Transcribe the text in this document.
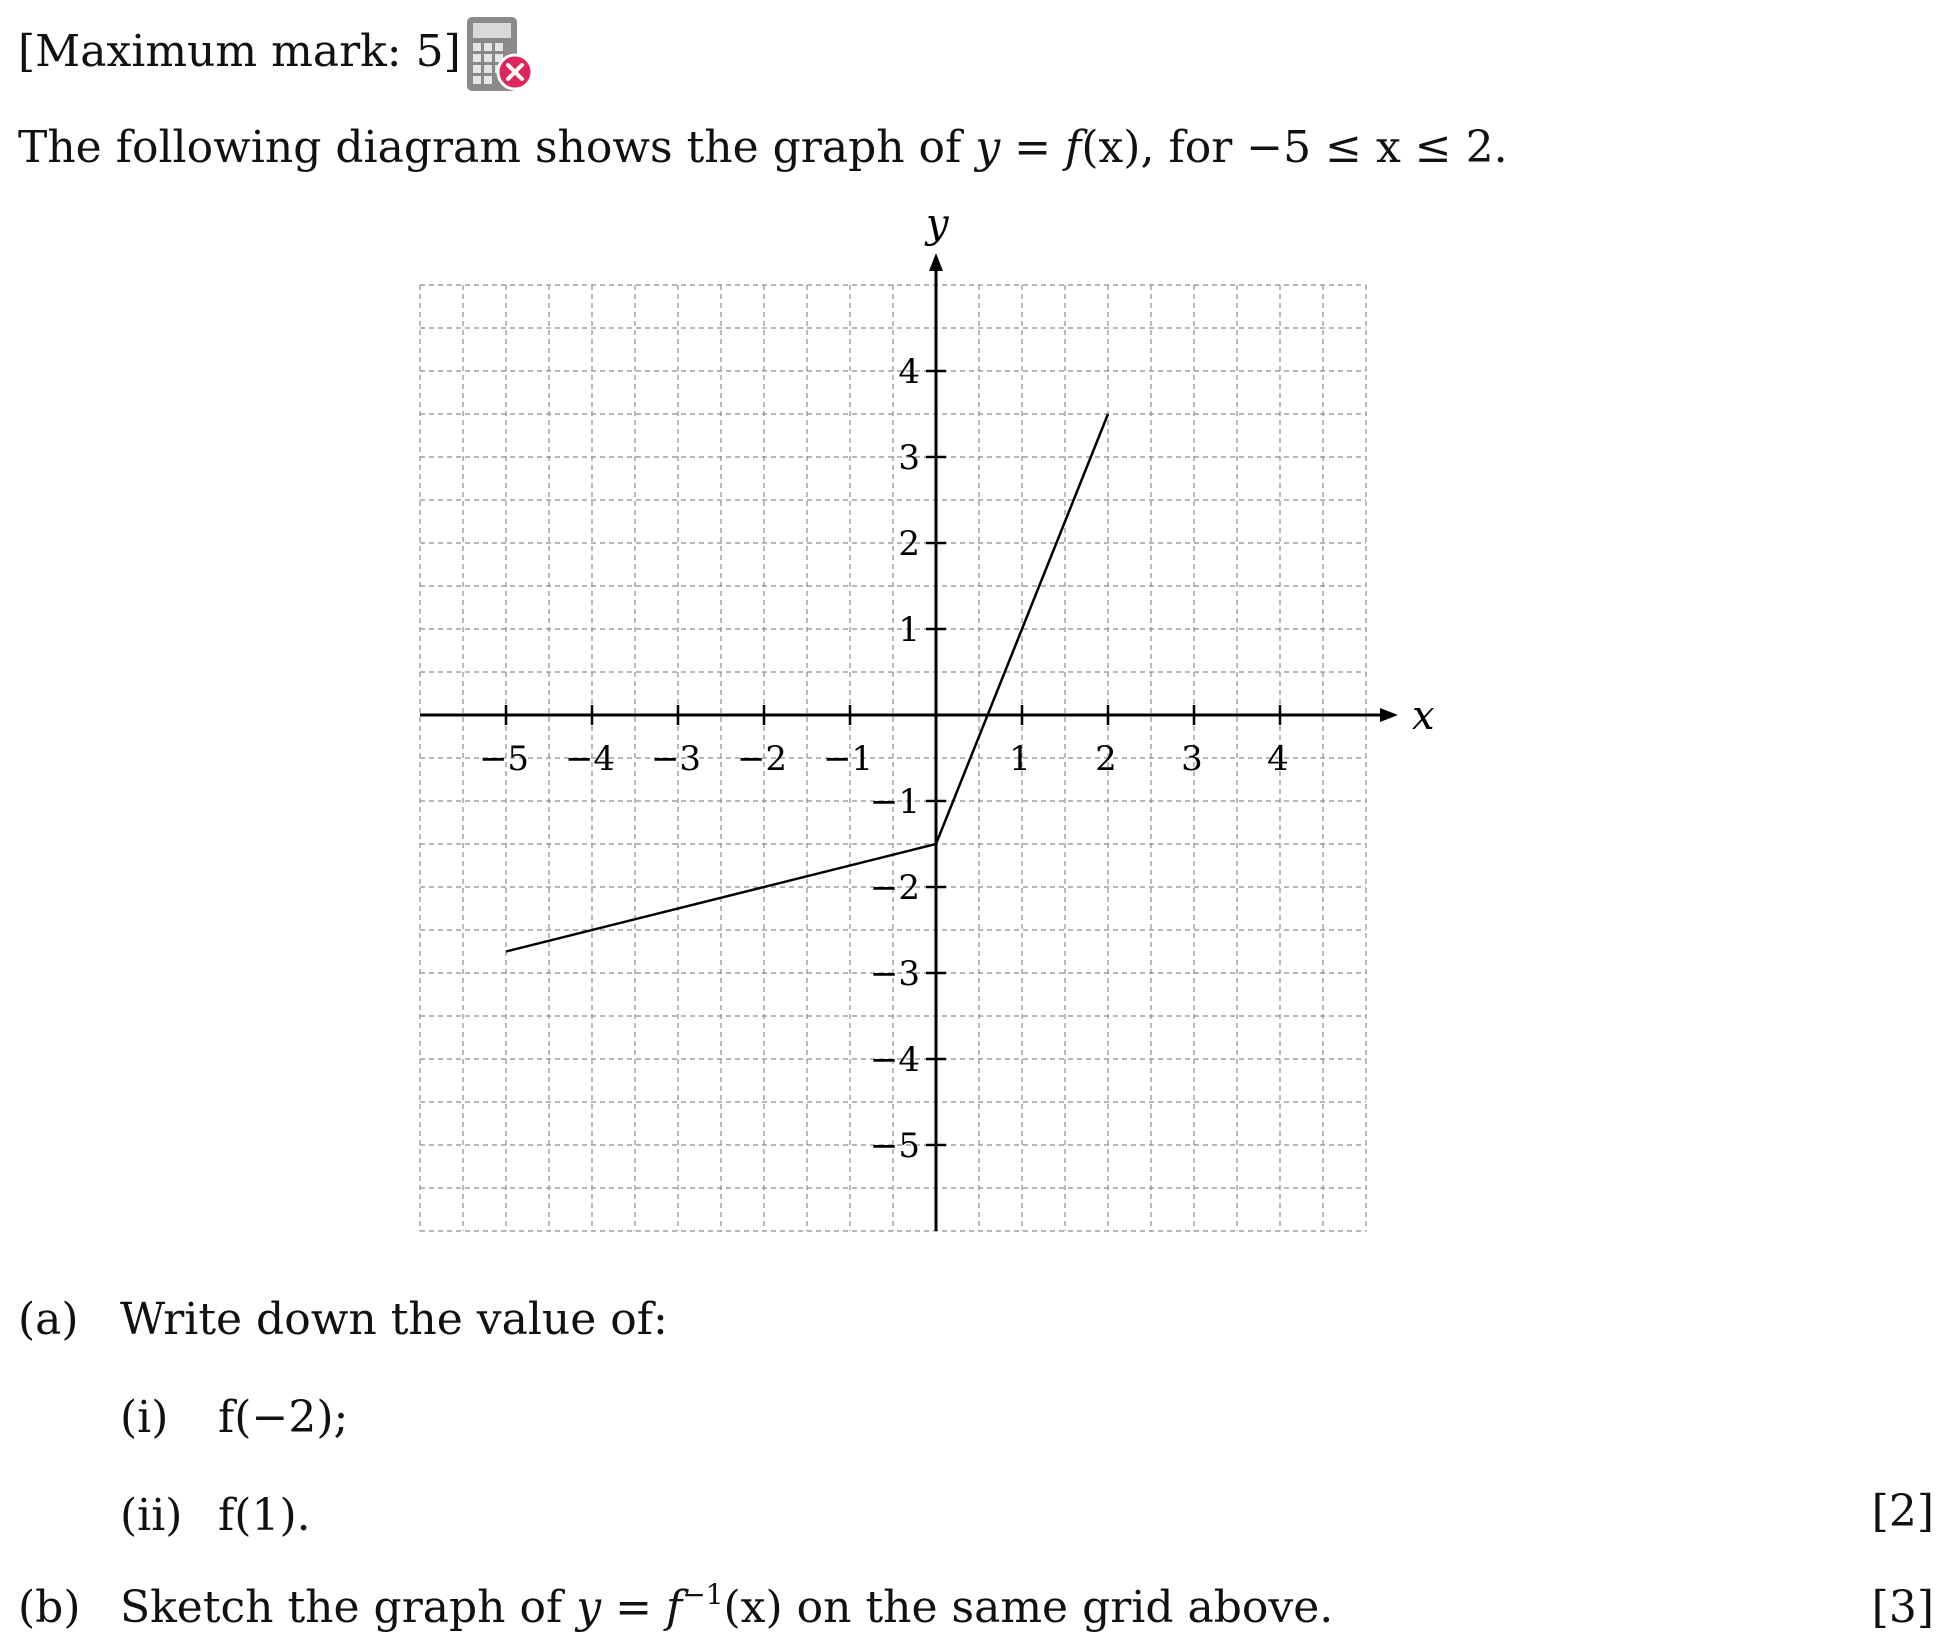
[Maximum mark: 5]
The following diagram shows the graph of y = f(x), for −5 ≤ x ≤ 2.
x
y
−5 −4 −3 −2 −1	1 2 3 4
4
3
2
1
−1
−2
−3
−4
−5
(a) Write down the value of:
(i) f(−2);
(ii) f(1).	[2]
(b) Sketch the graph of $y = f^{-1}(x)$ on the same grid above.	[3]
